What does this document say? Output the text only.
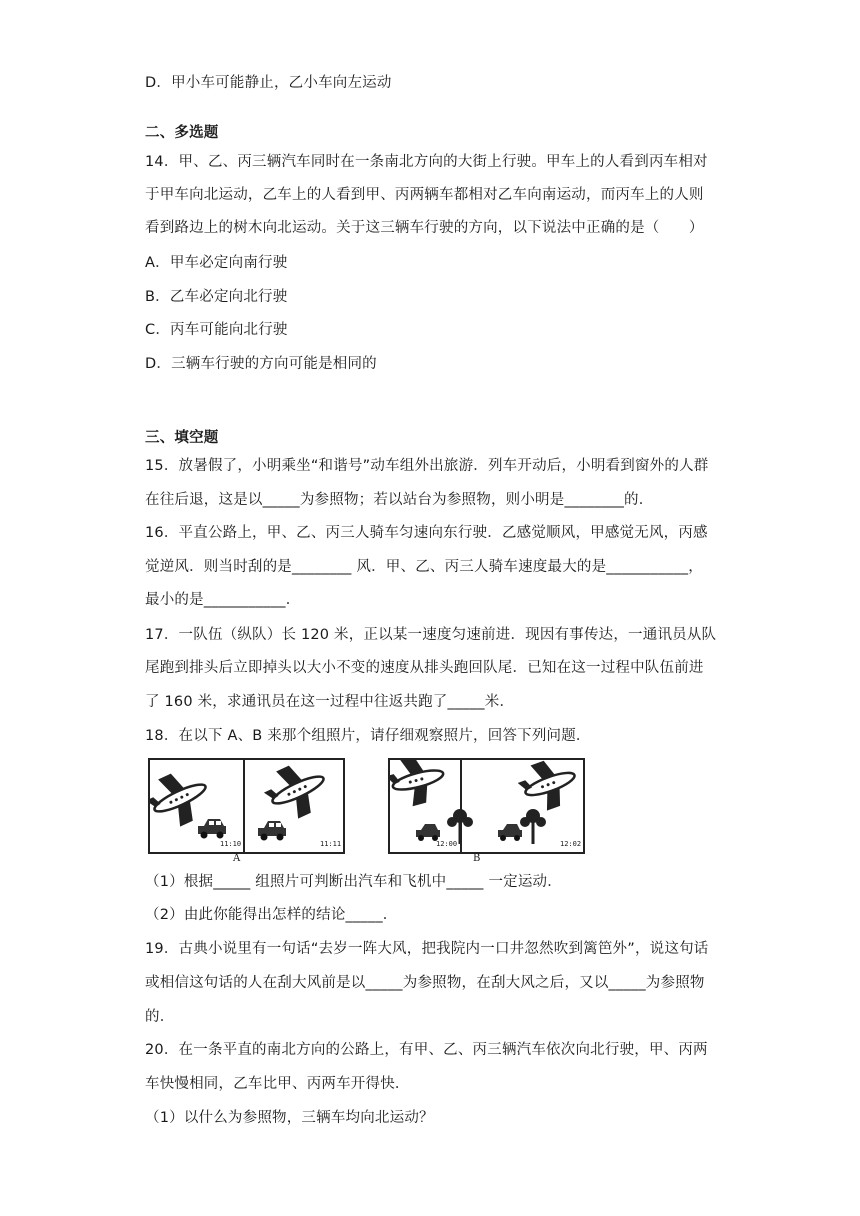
D．甲小车可能静止，乙小车向左运动
二、多选题
14．甲、乙、丙三辆汽车同时在一条南北方向的大街上行驶。甲车上的人看到丙车相对
于甲车向北运动，乙车上的人看到甲、丙两辆车都相对乙车向南运动，而丙车上的人则
看到路边上的树木向北运动。关于这三辆车行驶的方向，以下说法中正确的是（　　）
A．甲车必定向南行驶
B．乙车必定向北行驶
C．丙车可能向北行驶
D．三辆车行驶的方向可能是相同的
三、填空题
15．放暑假了，小明乘坐“和谐号”动车组外出旅游．列车开动后，小明看到窗外的人群
在往后退，这是以_____为参照物；若以站台为参照物，则小明是________的．
16．平直公路上，甲、乙、丙三人骑车匀速向东行驶．乙感觉顺风，甲感觉无风，丙感
觉逆风．则当时刮的是________ 风．甲、乙、丙三人骑车速度最大的是___________，
最小的是___________．
17．一队伍（纵队）长 120 米，正以某一速度匀速前进．现因有事传达，一通讯员从队
尾跑到排头后立即掉头以大小不变的速度从排头跑回队尾．已知在这一过程中队伍前进
了 160 米，求通讯员在这一过程中往返共跑了_____米．
18．在以下 A、B 来那个组照片，请仔细观察照片，回答下列问题．
11:10	11:11
A
12:00	12:02
B
（1）根据_____ 组照片可判断出汽车和飞机中_____ 一定运动．
（2）由此你能得出怎样的结论_____．
19．古典小说里有一句话“去岁一阵大风，把我院内一口井忽然吹到篱笆外”，说这句话
或相信这句话的人在刮大风前是以_____为参照物，在刮大风之后，又以_____为参照物
的．
20．在一条平直的南北方向的公路上，有甲、乙、丙三辆汽车依次向北行驶，甲、丙两
车快慢相同，乙车比甲、丙两车开得快．
（1）以什么为参照物，三辆车均向北运动？
